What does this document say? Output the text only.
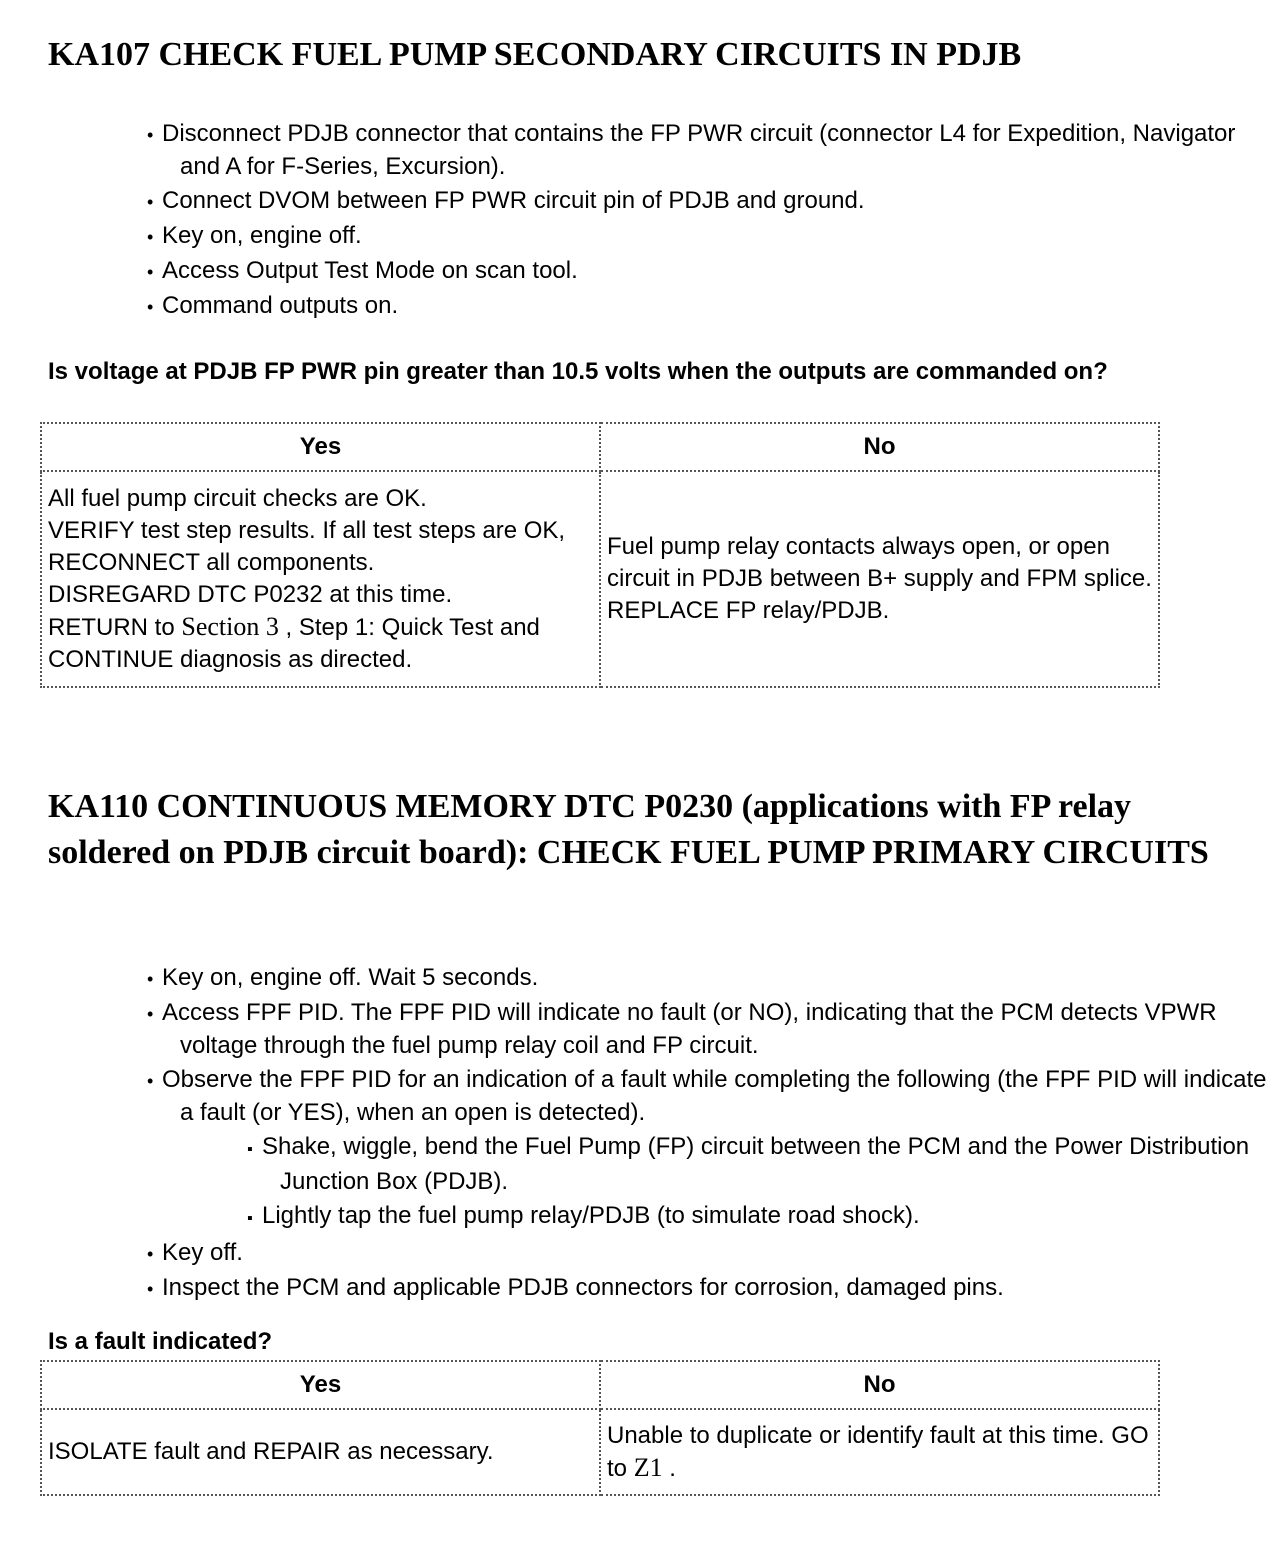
KA107 CHECK FUEL PUMP SECONDARY CIRCUITS IN PDJB
• Disconnect PDJB connector that contains the FP PWR circuit (connector L4 for Expedition, Navigator and A for F-Series, Excursion).
• Connect DVOM between FP PWR circuit pin of PDJB and ground.
• Key on, engine off.
• Access Output Test Mode on scan tool.
• Command outputs on.

Is voltage at PDJB FP PWR pin greater than 10.5 volts when the outputs are commanded on?

Yes	No
All fuel pump circuit checks are OK.
VERIFY test step results. If all test steps are OK, RECONNECT all components.
DISREGARD DTC P0232 at this time.
RETURN to Section 3 , Step 1: Quick Test and CONTINUE diagnosis as directed.	Fuel pump relay contacts always open, or open circuit in PDJB between B+ supply and FPM splice. REPLACE FP relay/PDJB.
KA110 CONTINUOUS MEMORY DTC P0230 (applications with FP relay soldered on PDJB circuit board): CHECK FUEL PUMP PRIMARY CIRCUITS
• Key on, engine off. Wait 5 seconds.
• Access FPF PID. The FPF PID will indicate no fault (or NO), indicating that the PCM detects VPWR voltage through the fuel pump relay coil and FP circuit.
• Observe the FPF PID for an indication of a fault while completing the following (the FPF PID will indicate a fault (or YES), when an open is detected).
▪ Shake, wiggle, bend the Fuel Pump (FP) circuit between the PCM and the Power Distribution Junction Box (PDJB).
▪ Lightly tap the fuel pump relay/PDJB (to simulate road shock).
• Key off.
• Inspect the PCM and applicable PDJB connectors for corrosion, damaged pins.

Is a fault indicated?

Yes	No
ISOLATE fault and REPAIR as necessary.	Unable to duplicate or identify fault at this time. GO to Z1 .
